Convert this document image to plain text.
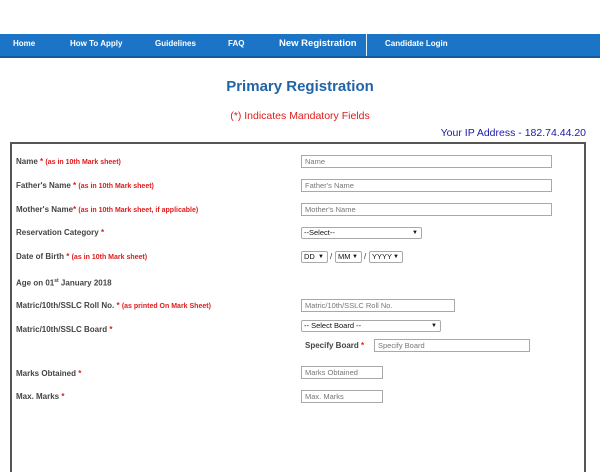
Home	How To Apply	Guidelines	FAQ	New Registration	Candidate Login
Primary Registration
(*) Indicates Mandatory Fields
Your IP Address - 182.74.44.20
Name * (as in 10th Mark sheet)
Name
Father's Name * (as in 10th Mark sheet)
Father's Name
Mother's Name* (as in 10th Mark sheet, if applicable)
Mother's Name
Reservation Category *	--Select--	▼
Date of Birth * (as in 10th Mark sheet)	DD ▼ / MM ▼ / YYYY ▼
Age on 01st January 2018
Matric/10th/SSLC Roll No. * (as printed On Mark Sheet)
Matric/10th/SSLC Roll No.
Matric/10th/SSLC Board *	-- Select Board --	▼
Specify Board *
Specify Board
Marks Obtained *
Marks Obtained
Max. Marks *
Max. Marks
